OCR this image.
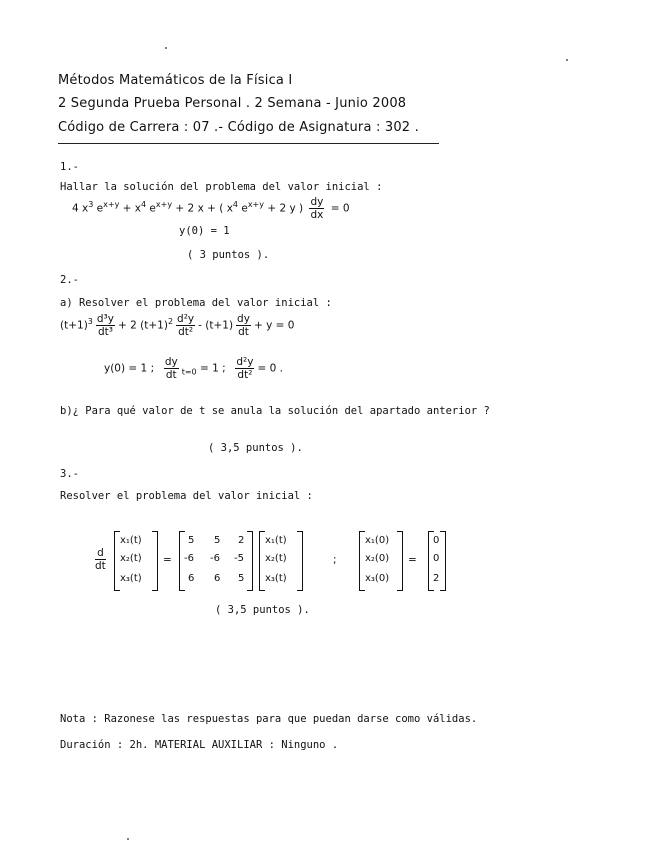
Métodos Matemáticos de la Física I
2 Segunda Prueba Personal . 2 Semana - Junio 2008
Código de Carrera : 07 .- Código de Asignatura : 302 .
1.-
Hallar la solución del problema del valor inicial :
4 $x^3$ $e^{x+y} + x^4$ $e^{x+y} + 2$ x + ( $x^4$ $e^{x+y} + 2$ y ) $\frac{dy}{dx} = 0$
y(0) = 1
( 3 puntos ).
2.-
a) Resolver el problema del valor inicial :
$(t+1)^3 \frac{\text{d³y}}{\text{dt³}} + 2$ $(t+1)^2 \frac{\text{d²y}}{\text{dt²}} - (t+1) \frac{dy}{dt} + y = 0$
y(0) = 1 ; $\frac{dy}{dt} _{t=0} = 1$ ; $\frac{\text{d²y}}{\text{dt²}} = 0$ .
b)¿ Para qué valor de t se anula la solución del apartado anterior ?
( 3,5 puntos ).
3.-
Resolver el problema del valor inicial :
$\frac{d}{dt}$
x₁(t)
x₂(t)
x₃(t)
=
5 5 2
-6 -6 -5
6 6 5
x₁(t)
x₂(t)
x₃(t)
;
x₁(0)
x₂(0)
x₃(0)
=
0
0
2
( 3,5 puntos ).
Nota : Razonese las respuestas para que puedan darse como válidas.
Duración : 2h. MATERIAL AUXILIAR : Ninguno .
